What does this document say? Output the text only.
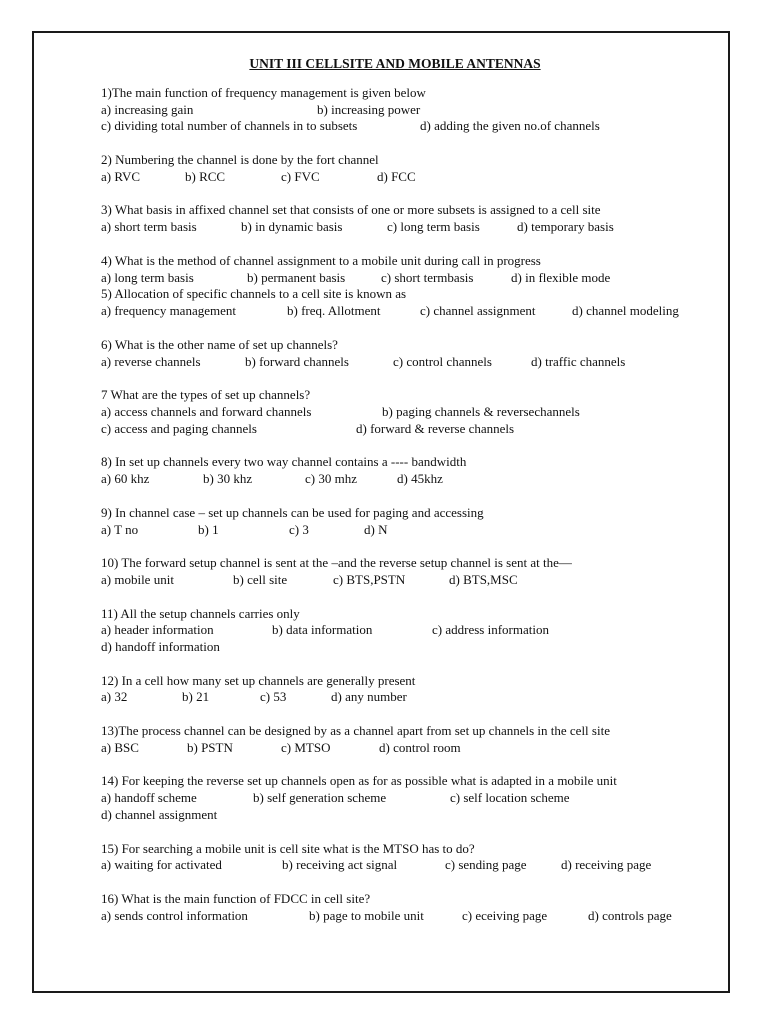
UNIT III CELLSITE AND MOBILE ANTENNAS
1)The main function of frequency management is given below
a) increasing gain	b) increasing power
c) dividing total number of channels in to subsets	d) adding the given no.of channels
2) Numbering the channel is done by the fort channel
a) RVC	b) RCC	c) FVC	d) FCC
3) What basis in affixed channel set that consists of one or more subsets is assigned to a cell site
a) short term basis	b) in dynamic basis	c) long term basis	d) temporary basis
4) What is the method of channel assignment to a mobile unit during call in progress
a) long term basis	b) permanent basis	c) short termbasis	d) in flexible mode
5) Allocation of specific channels to a cell site is known as
a) frequency management	b) freq. Allotment	c) channel assignment	d) channel modeling
6) What is the other name of set up channels?
a) reverse channels	b) forward channels	c) control channels	d) traffic channels
7 What are the types of set up channels?
a) access channels and forward channels	b) paging channels & reversechannels
c) access and paging channels	d) forward & reverse channels
8) In set up channels every two way channel contains a ---- bandwidth
a) 60 khz	b) 30 khz	c) 30 mhz	d) 45khz
9) In channel case – set up channels can be used for paging and accessing
a) T no	b) 1	c) 3	d) N
10) The forward setup channel is sent at the –and the reverse setup channel is sent at the—
a) mobile unit	b) cell site	c) BTS,PSTN	d) BTS,MSC
11) All the setup channels carries only
a) header information	b) data information	c) address information
d) handoff information
12) In a cell how many set up channels are generally present
a) 32	b) 21	c) 53	d) any number
13)The process channel can be designed by as a channel apart from set up channels in the cell site
a) BSC	b) PSTN	c) MTSO	d) control room
14) For keeping the reverse set up channels open as for as possible what is adapted in a mobile unit
a) handoff scheme	b) self generation scheme	c) self location scheme
d) channel assignment
15) For searching a mobile unit is cell site what is the MTSO has to do?
a) waiting for activated	b) receiving act signal	c) sending page	d) receiving page
16) What is the main function of FDCC in cell site?
a) sends control information	b) page to mobile unit	c) eceiving page	d) controls page
